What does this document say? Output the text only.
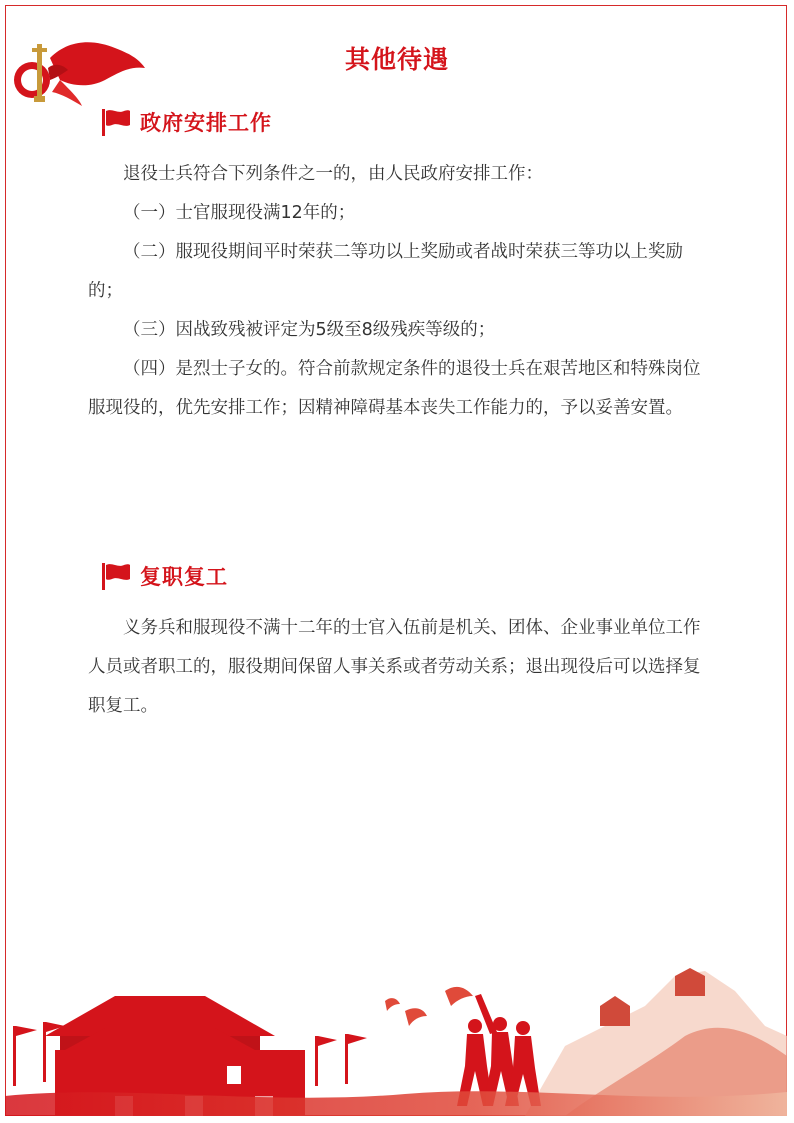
其他待遇
政府安排工作

退役士兵符合下列条件之一的，由人民政府安排工作：

（一）士官服现役满12年的；

（二）服现役期间平时荣获二等功以上奖励或者战时荣获三等功以上奖励的；

（三）因战致残被评定为5级至8级残疾等级的；

（四）是烈士子女的。符合前款规定条件的退役士兵在艰苦地区和特殊岗位服现役的，优先安排工作；因精神障碍基本丧失工作能力的，予以妥善安置。

复职复工

义务兵和服现役不满十二年的士官入伍前是机关、团体、企业事业单位工作人员或者职工的，服役期间保留人事关系或者劳动关系；退出现役后可以选择复职复工。
